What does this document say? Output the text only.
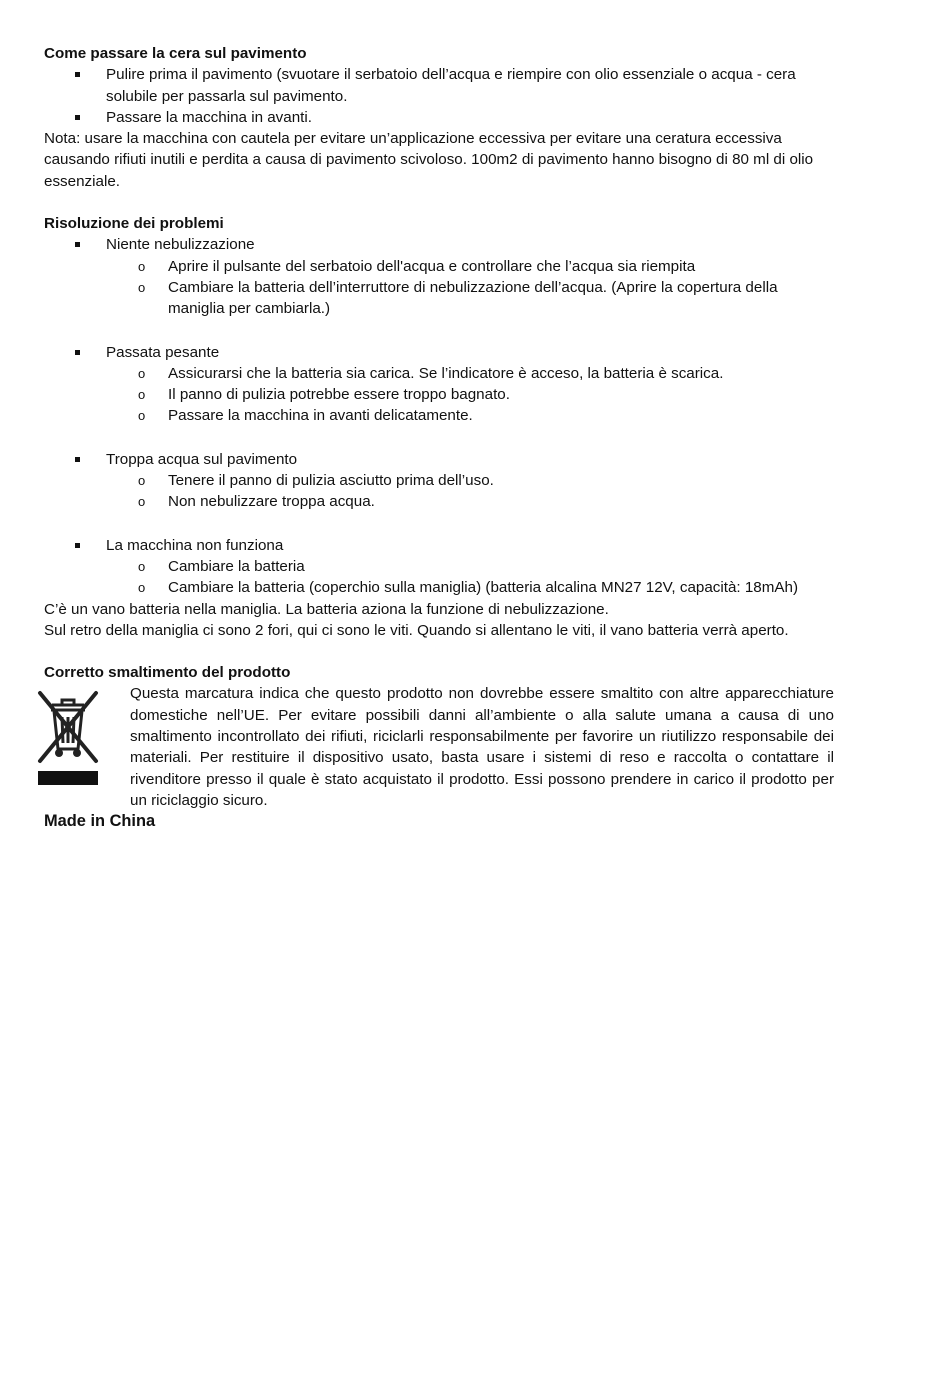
Come passare la cera sul pavimento

Pulire prima il pavimento (svuotare il serbatoio dell’acqua e riempire con olio essenziale o acqua - cera solubile per passarla sul pavimento.
Passare la macchina in avanti.

Nota: usare la macchina con cautela per evitare un’applicazione eccessiva per evitare una ceratura eccessiva causando rifiuti inutili e perdita a causa di pavimento scivoloso. 100m2 di pavimento hanno bisogno di 80 ml di olio essenziale.

Risoluzione dei problemi

Niente nebulizzazione
o Aprire il pulsante del serbatoio dell'acqua e controllare che l’acqua sia riempita
o Cambiare la batteria dell’interruttore di nebulizzazione dell’acqua. (Aprire la copertura della maniglia per cambiarla.)
Passata pesante
o Assicurarsi che la batteria sia carica. Se l’indicatore è acceso, la batteria è scarica.
o Il panno di pulizia potrebbe essere troppo bagnato.
o Passare la macchina in avanti delicatamente.
Troppa acqua sul pavimento
o Tenere il panno di pulizia asciutto prima dell’uso.
o Non nebulizzare troppa acqua.
La macchina non funziona
o Cambiare la batteria
o Cambiare la batteria (coperchio sulla maniglia) (batteria alcalina MN27 12V, capacità: 18mAh)

C’è un vano batteria nella maniglia. La batteria aziona la funzione di nebulizzazione.

Sul retro della maniglia ci sono 2 fori, qui ci sono le viti. Quando si allentano le viti, il vano batteria verrà aperto.

Corretto smaltimento del prodotto

Questa marcatura indica che questo prodotto non dovrebbe essere smaltito con altre apparecchiature domestiche nell’UE. Per evitare possibili danni all’ambiente o alla salute umana a causa di uno smaltimento incontrollato dei rifiuti, riciclarli responsabilmente per favorire un riutilizzo responsabile dei materiali. Per restituire il dispositivo usato, basta usare i sistemi di reso e raccolta o contattare il rivenditore presso il quale è stato acquistato il prodotto. Essi possono prendere in carico il prodotto per un riciclaggio sicuro.

Made in China
